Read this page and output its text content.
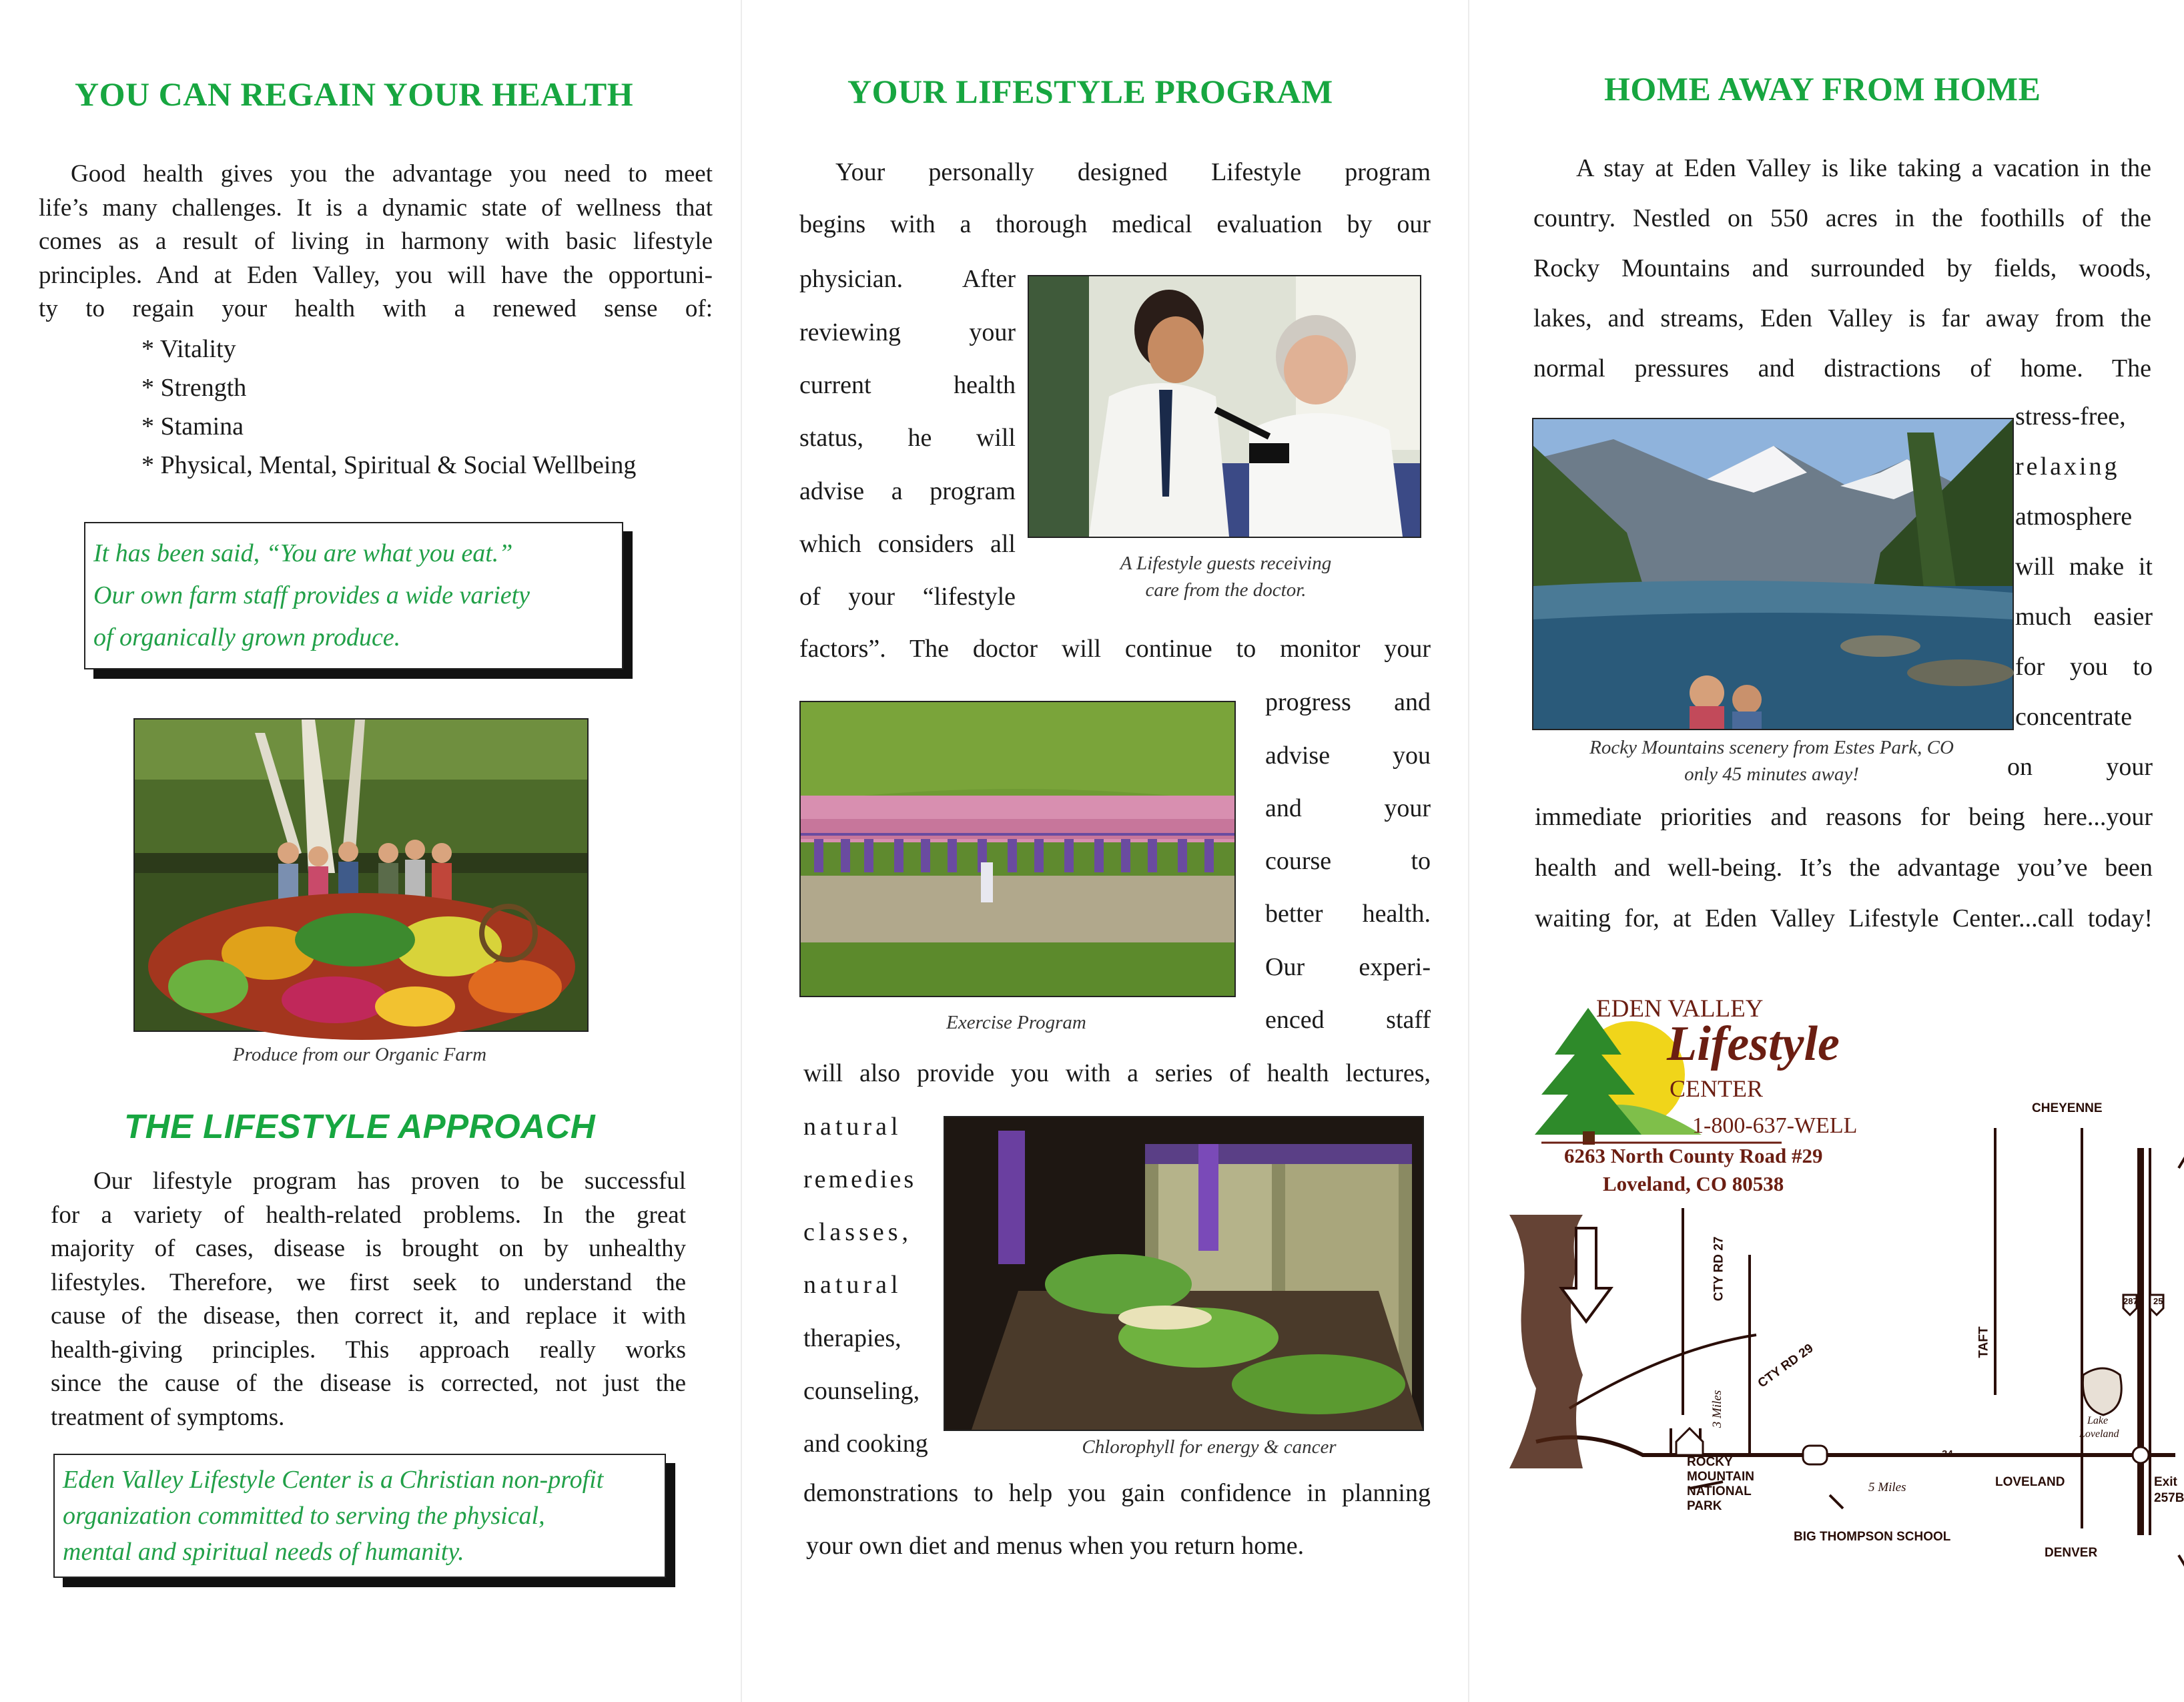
YOU CAN REGAIN YOUR HEALTH
Good health gives you the advantage you need to meet
life’s many challenges. It is a dynamic state of wellness that
comes as a result of living in harmony with basic lifestyle
principles. And at Eden Valley, you will have the opportuni-
ty to regain your health with a renewed sense of:
* Vitality
* Strength
* Stamina
* Physical, Mental, Spiritual & Social Wellbeing
It has been said, “You are what you eat.”
Our own farm staff provides a wide variety
of organically grown produce.
Produce from our Organic Farm
THE LIFESTYLE APPROACH
Our lifestyle program has proven to be successful
for a variety of health-related problems. In the great
majority of cases, disease is brought on by unhealthy
lifestyles. Therefore, we first seek to understand the
cause of the disease, then correct it, and replace it with
health-giving principles. This approach really works
since the cause of the disease is corrected, not just the
treatment of symptoms.
Eden Valley Lifestyle Center is a Christian non-profit
organization committed to serving the physical,
mental and spiritual needs of humanity.
YOUR LIFESTYLE PROGRAM
Your personally designed Lifestyle program
begins with a thorough medical evaluation by our
physician. After
reviewing your
current health
status, he will
advise a program
which considers all
of your “lifestyle
A Lifestyle guests receiving
care from the doctor.
factors”. The doctor will continue to monitor your
progress and
advise you
and your
course to
better health.
Our experi-
enced staff
Exercise Program
will also provide you with a series of health lectures,
natural
remedies
classes,
natural
therapies,
counseling,
and cooking	Chlorophyll for energy & cancer
demonstrations to help you gain confidence in planning
your own diet and menus when you return home.
HOME AWAY FROM HOME
A stay at Eden Valley is like taking a vacation in the
country. Nestled on 550 acres in the foothills of the
Rocky Mountains and surrounded by fields, woods,
lakes, and streams, Eden Valley is far away from the
normal pressures and distractions of home. The
stress-free,
relaxing
atmosphere
will make it
much easier
for you to
concentrate
on your
Rocky Mountains scenery from Estes Park, CO
only 45 minutes away!
immediate priorities and reasons for being here...your
health and well-being. It’s the advantage you’ve been
waiting for, at Eden Valley Lifestyle Center...call today!
EDEN VALLEY
Lifestyle
CENTER
1-800-637-WELL
6263 North County Road #29
Loveland, CO 80538
CHEYENNE
DENVER
LOVELAND
TAFT
CTY RD 27
CTY RD 29
3 Miles
5 Miles
ROCKY
MOUNTAIN
NATIONAL
PARK
BIG THOMPSON SCHOOL
Lake
Loveland
Exit
257B
34
287 25
